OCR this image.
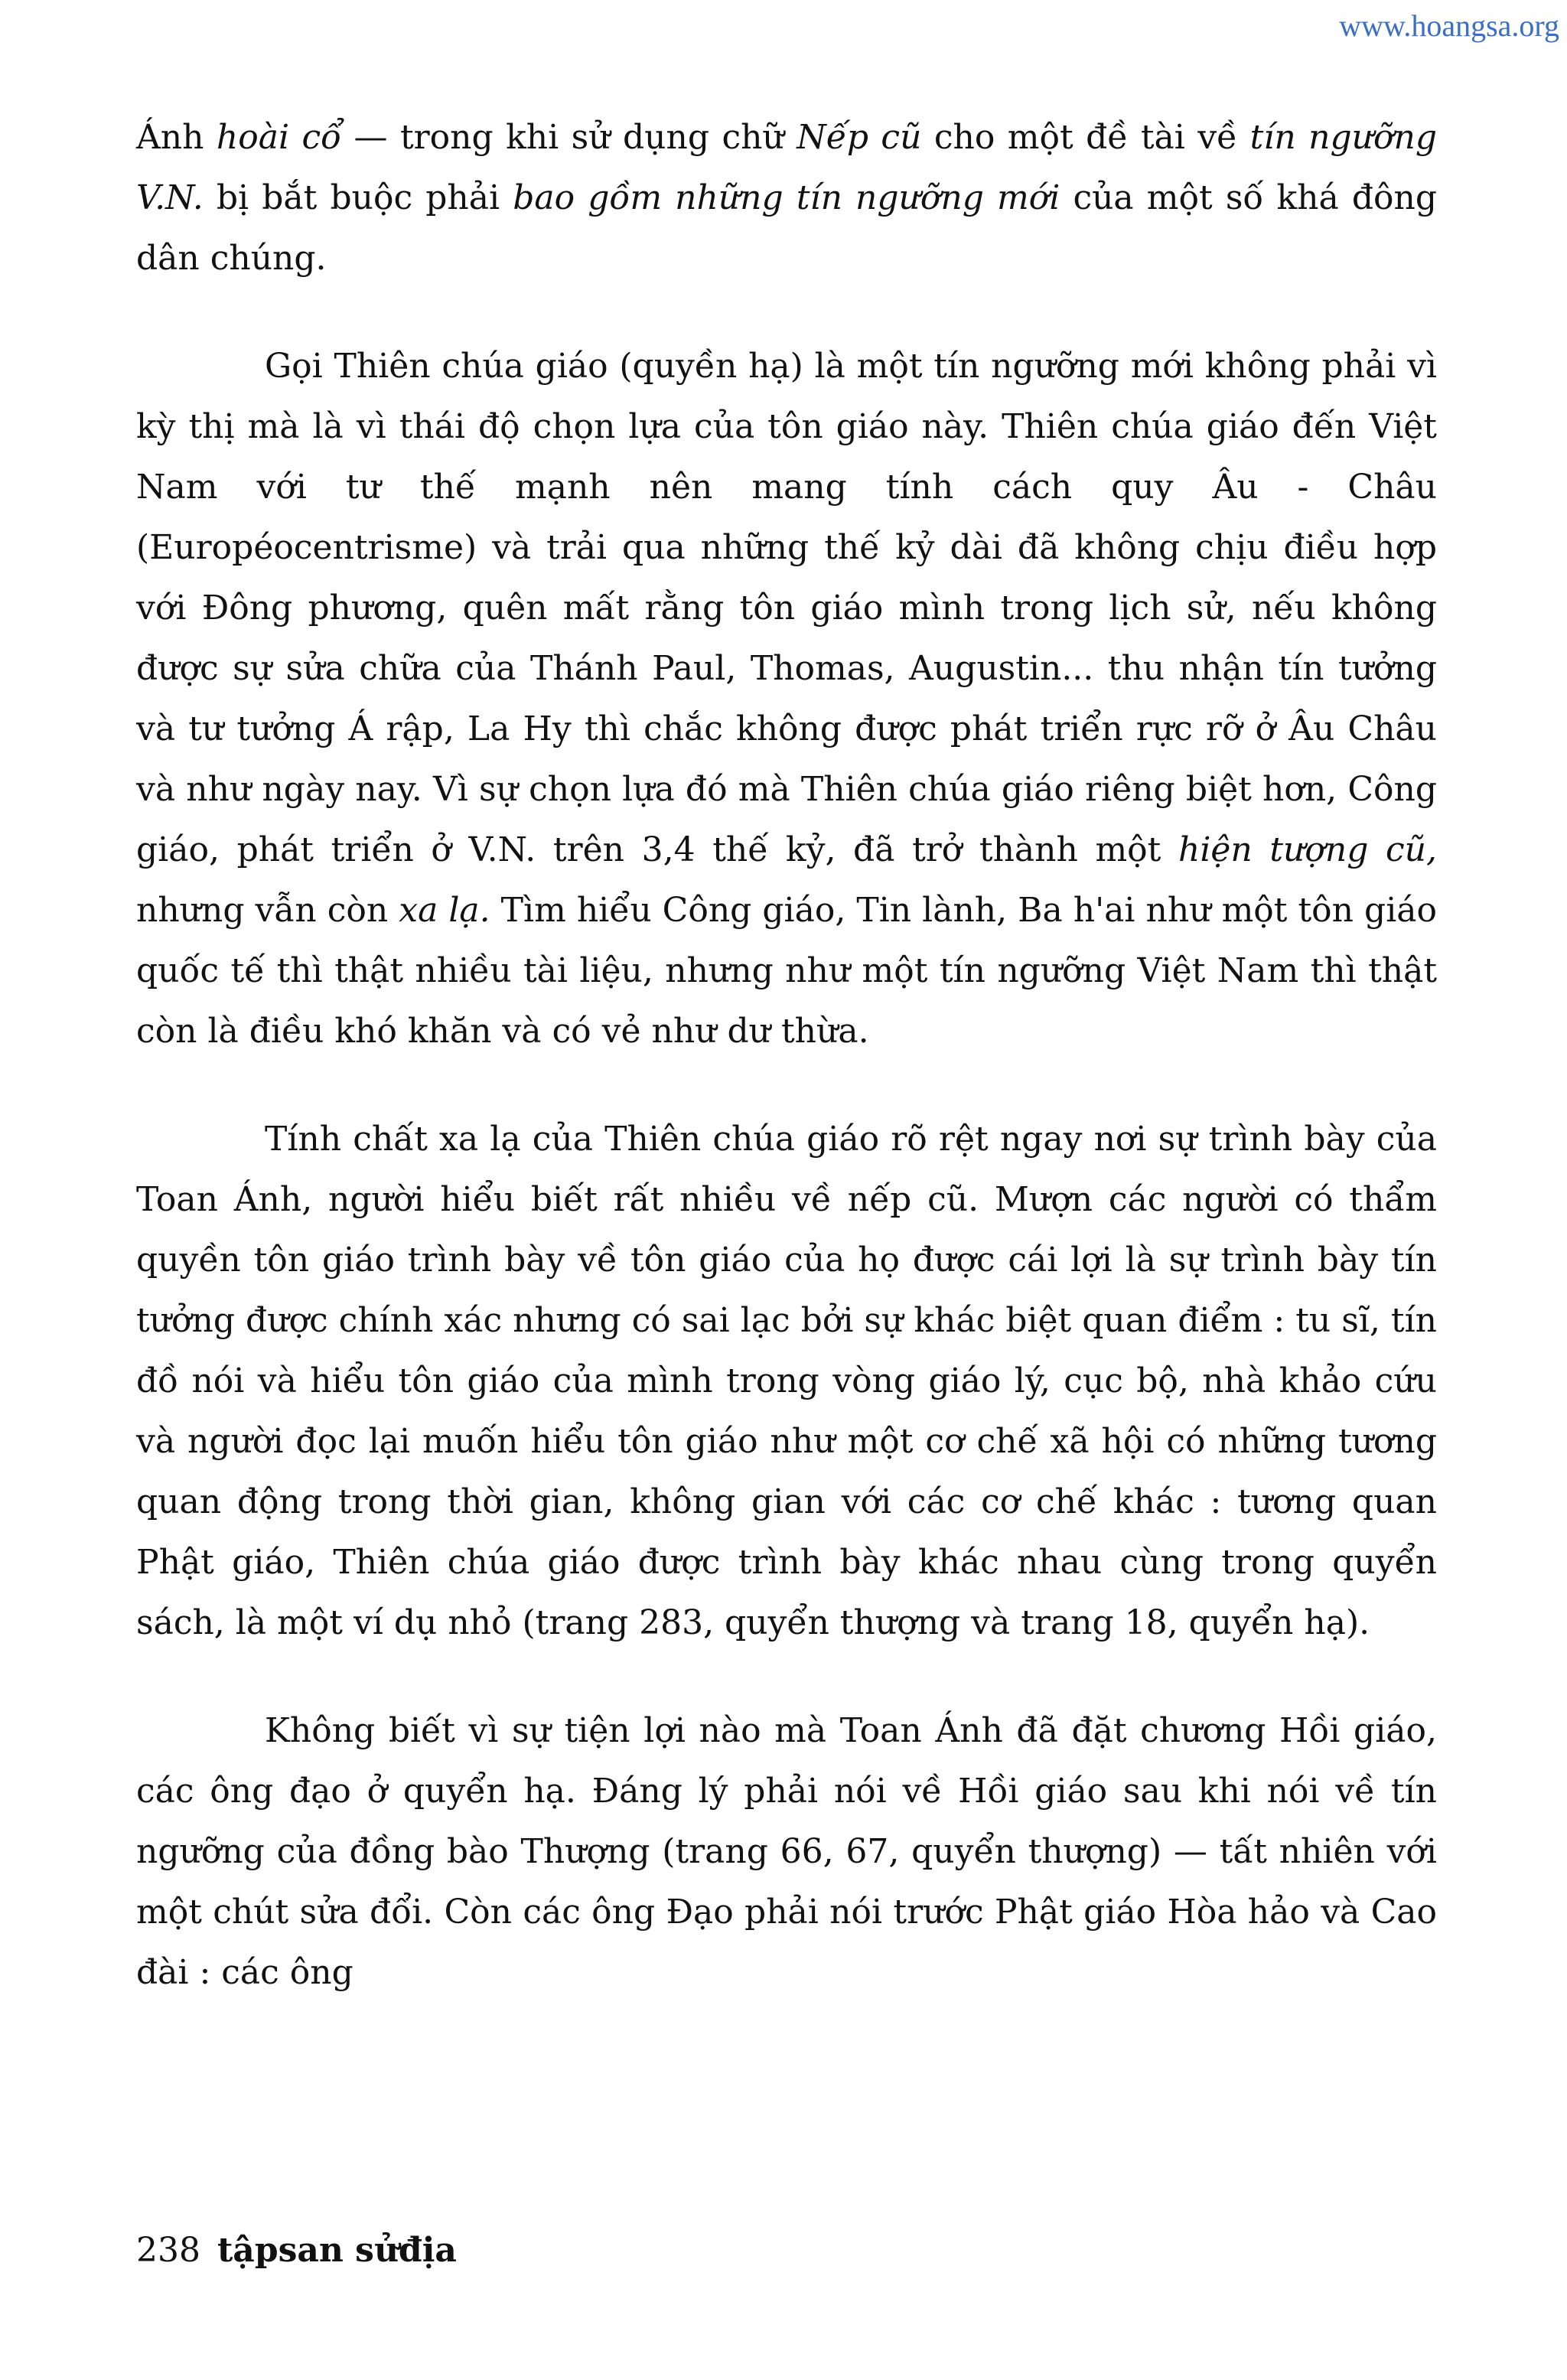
www.hoangsa.org

Ánh hoài cổ — trong khi sử dụng chữ Nếp cũ cho một đề tài về tín ngưỡng V.N. bị bắt buộc phải bao gồm những tín ngưỡng mới của một số khá đông dân chúng.

Gọi Thiên chúa giáo (quyền hạ) là một tín ngưỡng mới không phải vì kỳ thị mà là vì thái độ chọn lựa của tôn giáo này. Thiên chúa giáo đến Việt Nam với tư thế mạnh nên mang tính cách quy Âu - Châu (Européocentrisme) và trải qua những thế kỷ dài đã không chịu điều hợp với Đông phương, quên mất rằng tôn giáo mình trong lịch sử, nếu không được sự sửa chữa của Thánh Paul, Thomas, Augustin... thu nhận tín tưởng và tư tưởng Á rập, La Hy thì chắc không được phát triển rực rỡ ở Âu Châu và như ngày nay. Vì sự chọn lựa đó mà Thiên chúa giáo riêng biệt hơn, Công giáo, phát triển ở V.N. trên 3,4 thế kỷ, đã trở thành một hiện tượng cũ, nhưng vẫn còn xa lạ. Tìm hiểu Công giáo, Tin lành, Ba h'ai như một tôn giáo quốc tế thì thật nhiều tài liệu, nhưng như một tín ngưỡng Việt Nam thì thật còn là điều khó khăn và có vẻ như dư thừa.

Tính chất xa lạ của Thiên chúa giáo rõ rệt ngay nơi sự trình bày của Toan Ánh, người hiểu biết rất nhiều về nếp cũ. Mượn các người có thẩm quyền tôn giáo trình bày về tôn giáo của họ được cái lợi là sự trình bày tín tưởng được chính xác nhưng có sai lạc bởi sự khác biệt quan điểm : tu sĩ, tín đồ nói và hiểu tôn giáo của mình trong vòng giáo lý, cục bộ, nhà khảo cứu và người đọc lại muốn hiểu tôn giáo như một cơ chế xã hội có những tương quan động trong thời gian, không gian với các cơ chế khác : tương quan Phật giáo, Thiên chúa giáo được trình bày khác nhau cùng trong quyển sách, là một ví dụ nhỏ (trang 283, quyển thượng và trang 18, quyển hạ).

Không biết vì sự tiện lợi nào mà Toan Ánh đã đặt chương Hồi giáo, các ông đạo ở quyển hạ. Đáng lý phải nói về Hồi giáo sau khi nói về tín ngưỡng của đồng bào Thượng (trang 66, 67, quyển thượng) — tất nhiên với một chút sửa đổi. Còn các ông Đạo phải nói trước Phật giáo Hòa hảo và Cao đài : các ông

238 tậpsan sửđịa
